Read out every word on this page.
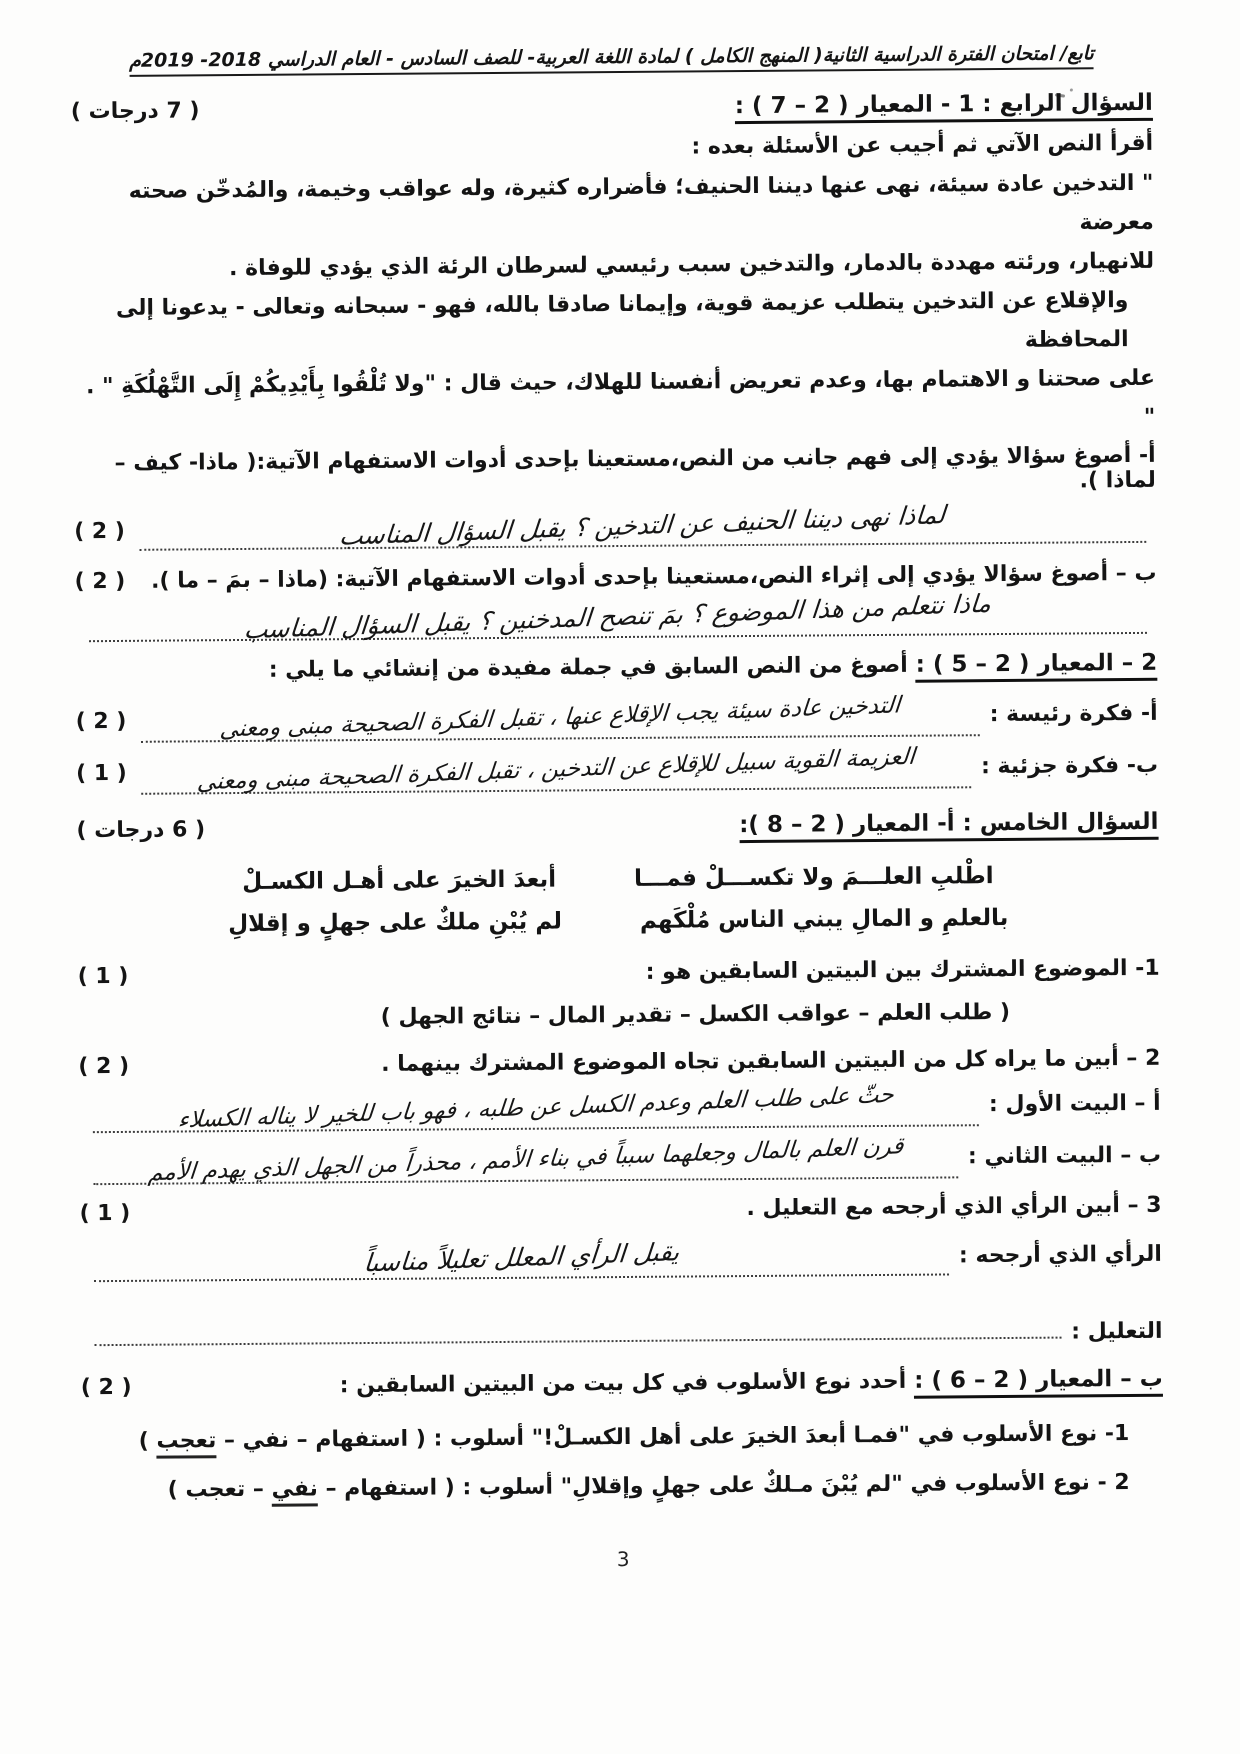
تابع/ امتحان الفترة الدراسية الثانية( المنهج الكامل ) لمادة اللغة العربية- للصف السادس - العام الدراسي 2018- 2019م
السؤال الرابع : 1 - المعيار ( 2 – 7 ) :
( 7 درجات )
أقرأ النص الآتي ثم أجيب عن الأسئلة بعده :
" التدخين عادة سيئة، نهى عنها ديننا الحنيف؛ فأضراره كثيرة، وله عواقب وخيمة، والمُدخّن صحته معرضة
للانهيار، ورئته مهددة بالدمار، والتدخين سبب رئيسي لسرطان الرئة الذي يؤدي للوفاة .
والإقلاع عن التدخين يتطلب عزيمة قوية، وإيمانا صادقا بالله، فهو - سبحانه وتعالى - يدعونا إلى المحافظة
على صحتنا و الاهتمام بها، وعدم تعريض أنفسنا للهلاك، حيث قال : "ولا تُلْقُوا بِأَيْدِيكُمْ إِلَى التَّهْلُكَةِ " . "
أ- أصوغ سؤالا يؤدي إلى فهم جانب من النص،مستعينا بإحدى أدوات الاستفهام الآتية:( ماذا- كيف – لماذا ).
لماذا نهى ديننا الحنيف عن التدخين ؟ يقبل السؤال المناسب
( 2 )
ب – أصوغ سؤالا يؤدي إلى إثراء النص،مستعينا بإحدى أدوات الاستفهام الآتية: (ماذا – بمَ – ما ).
( 2 )
ماذا نتعلم من هذا الموضوع ؟ بمَ تنصح المدخنين ؟ يقبل السؤال المناسب
2 – المعيار ( 2 – 5 ) :
أصوغ من النص السابق في جملة مفيدة من إنشائي ما يلي :
أ- فكرة رئيسة :
التدخين عادة سيئة يجب الإقلاع عنها ، تقبل الفكرة الصحيحة مبنى ومعنى
( 2 )
ب- فكرة جزئية :
العزيمة القوية سبيل للإقلاع عن التدخين ، تقبل الفكرة الصحيحة مبنى ومعنى
( 1 )
السؤال الخامس : أ- المعيار ( 2 – 8 ):
( 6 درجات )
اطْلبِ العلـــمَ ولا تكســـلْ فمـــا
أبعدَ الخيرَ على أهـل الكسـلْ
بالعلمِ و المالِ يبني الناس مُلْكَهم
لم يُبْنِ ملكٌ على جهلٍ و إقلالِ
1- الموضوع المشترك بين البيتين السابقين هو :
( 1 )
( طلب العلم – عواقب الكسل – تقدير المال – نتائج الجهل )
2 – أبين ما يراه كل من البيتين السابقين تجاه الموضوع المشترك بينهما .
( 2 )
أ – البيت الأول :
حثّ على طلب العلم وعدم الكسل عن طلبه ، فهو باب للخير لا يناله الكسلاء
ب – البيت الثاني :
قرن العلم بالمال وجعلهما سبباً في بناء الأمم ، محذراً من الجهل الذي يهدم الأمم
3 – أبين الرأي الذي أرجحه مع التعليل .
( 1 )
الرأي الذي أرجحه :
يقبل الرأي المعلل تعليلاً مناسباً
التعليل :
ب – المعيار ( 2 – 6 ) :
أحدد نوع الأسلوب في كل بيت من البيتين السابقين :
( 2 )
1- نوع الأسلوب في "فمـا أبعدَ الخيرَ على أهل الكسـلْ!" أسلوب : ( استفهام – نفي – تعجب )
2 - نوع الأسلوب في "لم يُبْنَ مـلكٌ على جهلٍ وإقلالِ" أسلوب : ( استفهام – نفي – تعجب )
3
